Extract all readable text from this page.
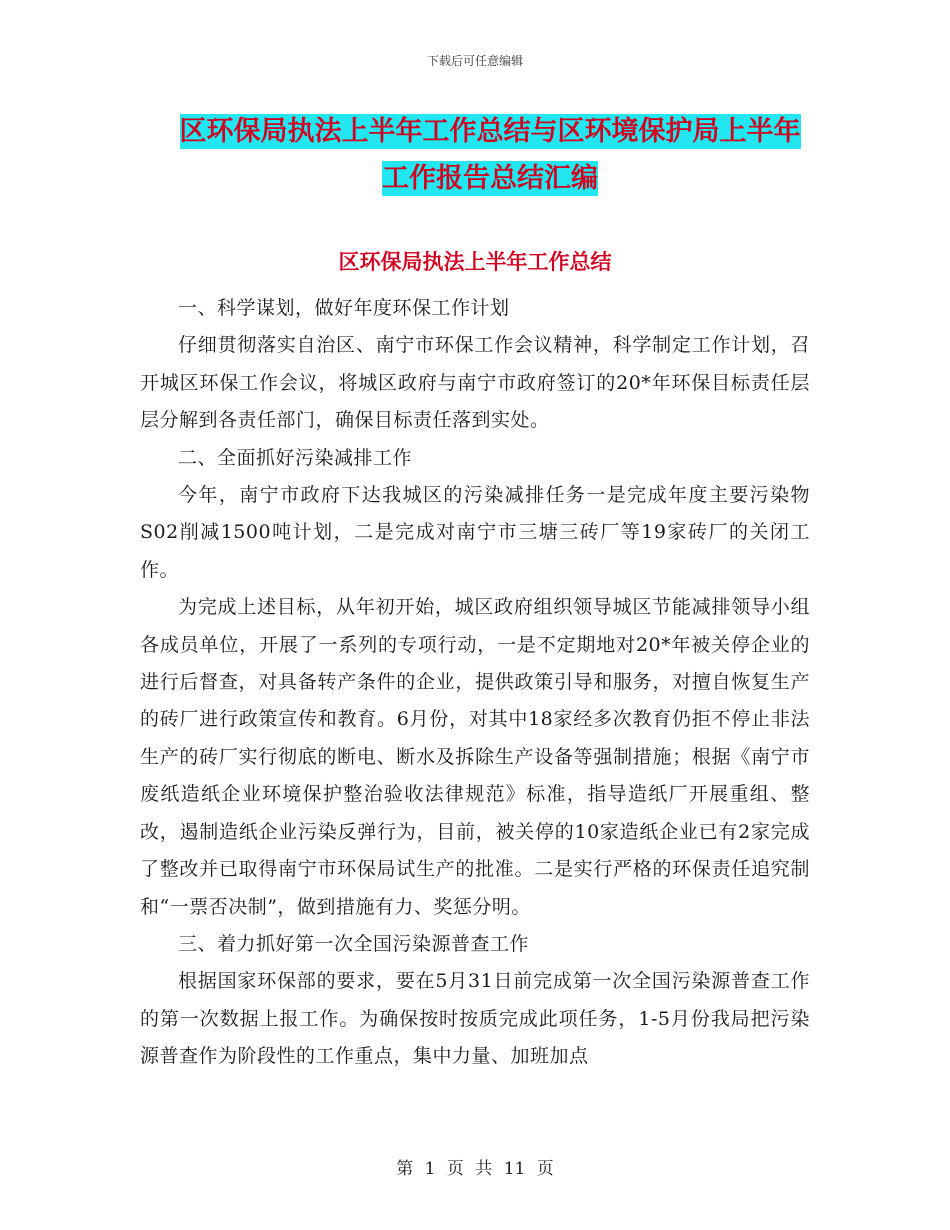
下载后可任意编辑
区环保局执法上半年工作总结与区环境保护局上半年
工作报告总结汇编
区环保局执法上半年工作总结

一、科学谋划，做好年度环保工作计划

仔细贯彻落实自治区、南宁市环保工作会议精神，科学制定工作计划，召开城区环保工作会议，将城区政府与南宁市政府签订的20*年环保目标责任层层分解到各责任部门，确保目标责任落到实处。

二、全面抓好污染减排工作

今年，南宁市政府下达我城区的污染减排任务一是完成年度主要污染物S02削减1500吨计划，二是完成对南宁市三塘三砖厂等19家砖厂的关闭工作。

为完成上述目标，从年初开始，城区政府组织领导城区节能减排领导小组各成员单位，开展了一系列的专项行动，一是不定期地对20*年被关停企业的进行后督查，对具备转产条件的企业，提供政策引导和服务，对擅自恢复生产的砖厂进行政策宣传和教育。6月份，对其中18家经多次教育仍拒不停止非法生产的砖厂实行彻底的断电、断水及拆除生产设备等强制措施；根据《南宁市废纸造纸企业环境保护整治验收法律规范》标准，指导造纸厂开展重组、整改，遏制造纸企业污染反弹行为，目前，被关停的10家造纸企业已有2家完成了整改并已取得南宁市环保局试生产的批准。二是实行严格的环保责任追究制和“一票否决制”，做到措施有力、奖惩分明。

三、着力抓好第一次全国污染源普查工作

根据国家环保部的要求，要在5月31日前完成第一次全国污染源普查工作的第一次数据上报工作。为确保按时按质完成此项任务，1-5月份我局把污染源普查作为阶段性的工作重点，集中力量、加班加点

第 1 页 共 11 页
